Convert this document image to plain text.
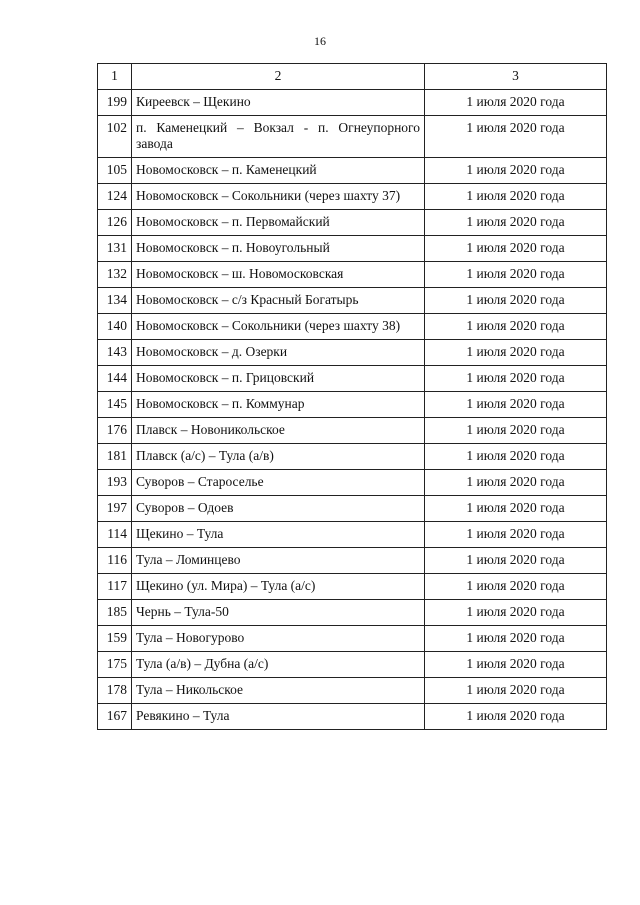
16
1	2	3
199	Киреевск – Щекино	1 июля 2020 года
102	п. Каменецкий – Вокзал - п. Огнеупорного завода	1 июля 2020 года
105	Новомосковск – п. Каменецкий	1 июля 2020 года
124	Новомосковск – Сокольники (через шахту 37)	1 июля 2020 года
126	Новомосковск – п. Первомайский	1 июля 2020 года
131	Новомосковск – п. Новоугольный	1 июля 2020 года
132	Новомосковск – ш. Новомосковская	1 июля 2020 года
134	Новомосковск – с/з Красный Богатырь	1 июля 2020 года
140	Новомосковск – Сокольники (через шахту 38)	1 июля 2020 года
143	Новомосковск – д. Озерки	1 июля 2020 года
144	Новомосковск – п. Грицовский	1 июля 2020 года
145	Новомосковск – п. Коммунар	1 июля 2020 года
176	Плавск – Новоникольское	1 июля 2020 года
181	Плавск (а/с) – Тула (а/в)	1 июля 2020 года
193	Суворов – Староселье	1 июля 2020 года
197	Суворов – Одоев	1 июля 2020 года
114	Щекино – Тула	1 июля 2020 года
116	Тула – Ломинцево	1 июля 2020 года
117	Щекино (ул. Мира) – Тула (а/с)	1 июля 2020 года
185	Чернь – Тула-50	1 июля 2020 года
159	Тула – Новогурово	1 июля 2020 года
175	Тула (а/в) – Дубна (а/с)	1 июля 2020 года
178	Тула – Никольское	1 июля 2020 года
167	Ревякино – Тула	1 июля 2020 года
